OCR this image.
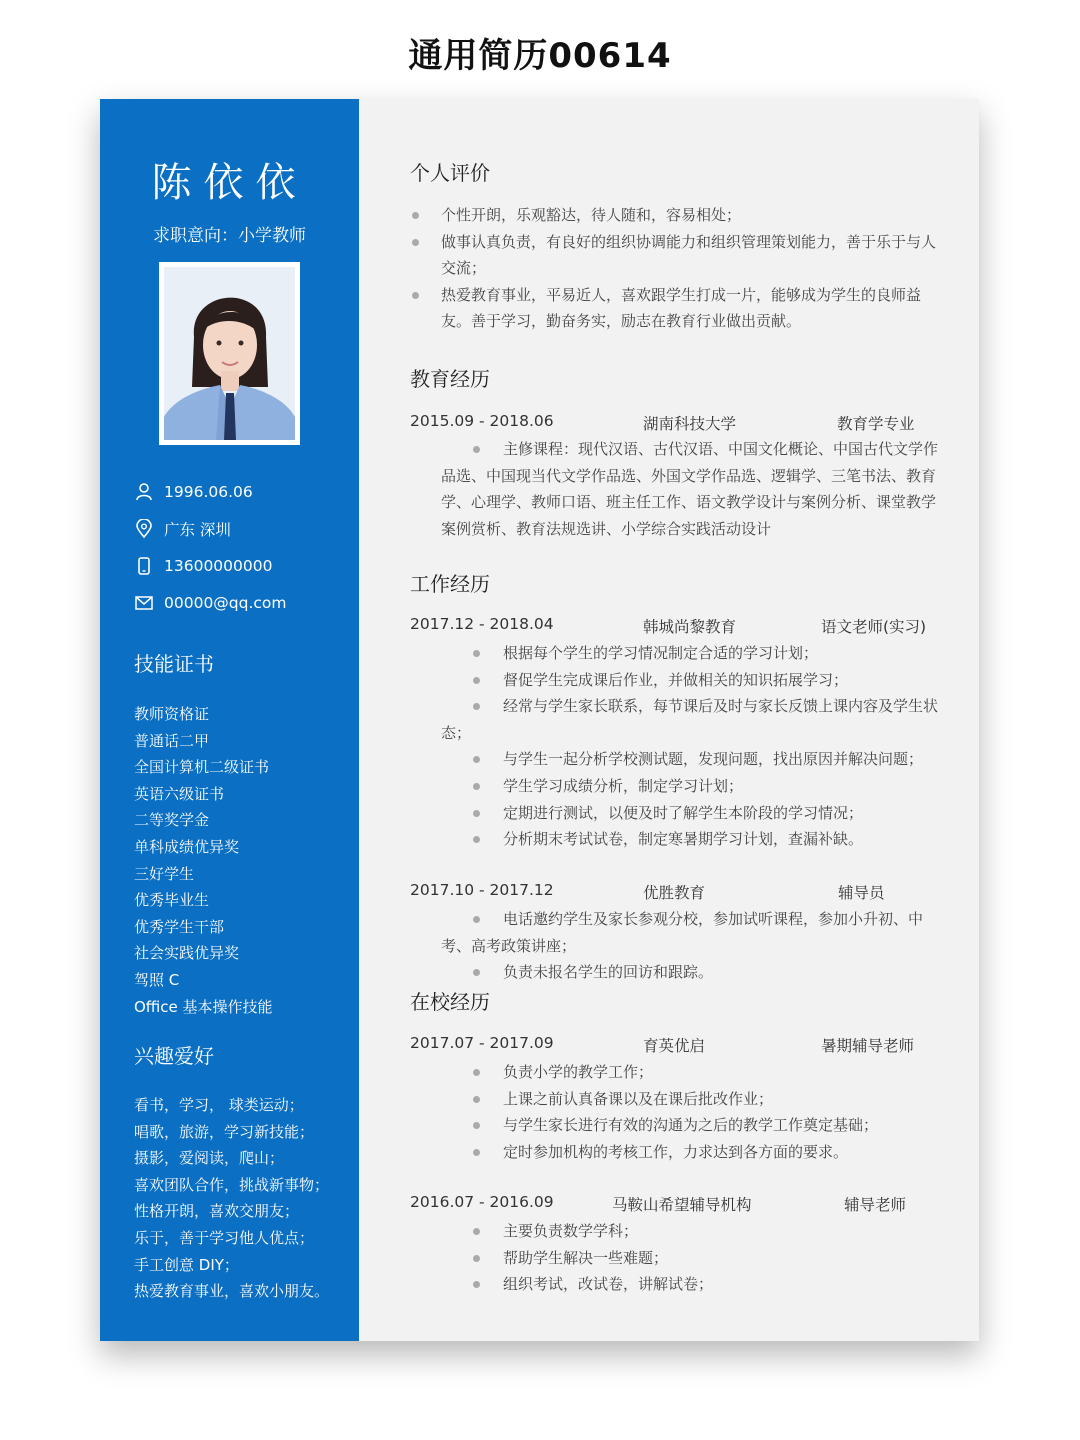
通用简历00614
陈依依
求职意向：小学教师
1996.06.06
广东 深圳
13600000000
00000@qq.com
技能证书
教师资格证
普通话二甲
全国计算机二级证书
英语六级证书
二等奖学金
单科成绩优异奖
三好学生
优秀毕业生
优秀学生干部
社会实践优异奖
驾照 C
Office 基本操作技能
兴趣爱好
看书，学习， 球类运动；
唱歌，旅游，学习新技能；
摄影，爱阅读，爬山；
喜欢团队合作，挑战新事物；
性格开朗，喜欢交朋友；
乐于，善于学习他人优点；
手工创意 DIY；
热爱教育事业，喜欢小朋友。
个人评价
个性开朗，乐观豁达，待人随和，容易相处；
做事认真负责，有良好的组织协调能力和组织管理策划能力，善于乐于与人交流；
热爱教育事业，平易近人，喜欢跟学生打成一片，能够成为学生的良师益友。善于学习，勤奋务实，励志在教育行业做出贡献。
教育经历
2015.09 - 2018.06	湖南科技大学	教育学专业
主修课程：现代汉语、古代汉语、中国文化概论、中国古代文学作品选、中国现当代文学作品选、外国文学作品选、逻辑学、三笔书法、教育学、心理学、教师口语、班主任工作、语文教学设计与案例分析、课堂教学案例赏析、教育法规选讲、小学综合实践活动设计
工作经历
2017.12 - 2018.04	韩城尚黎教育	语文老师(实习)
根据每个学生的学习情况制定合适的学习计划；
督促学生完成课后作业，并做相关的知识拓展学习；
经常与学生家长联系，每节课后及时与家长反馈上课内容及学生状态；
与学生一起分析学校测试题，发现问题，找出原因并解决问题；
学生学习成绩分析，制定学习计划；
定期进行测试，以便及时了解学生本阶段的学习情况；
分析期末考试试卷，制定寒暑期学习计划，查漏补缺。
2017.10 - 2017.12	优胜教育	辅导员
电话邀约学生及家长参观分校，参加试听课程，参加小升初、中考、高考政策讲座；
负责未报名学生的回访和跟踪。
在校经历
2017.07 - 2017.09	育英优启	暑期辅导老师
负责小学的教学工作；
上课之前认真备课以及在课后批改作业；
与学生家长进行有效的沟通为之后的教学工作奠定基础；
定时参加机构的考核工作，力求达到各方面的要求。
2016.07 - 2016.09	马鞍山希望辅导机构	辅导老师
主要负责数学学科；
帮助学生解决一些难题；
组织考试，改试卷，讲解试卷；
